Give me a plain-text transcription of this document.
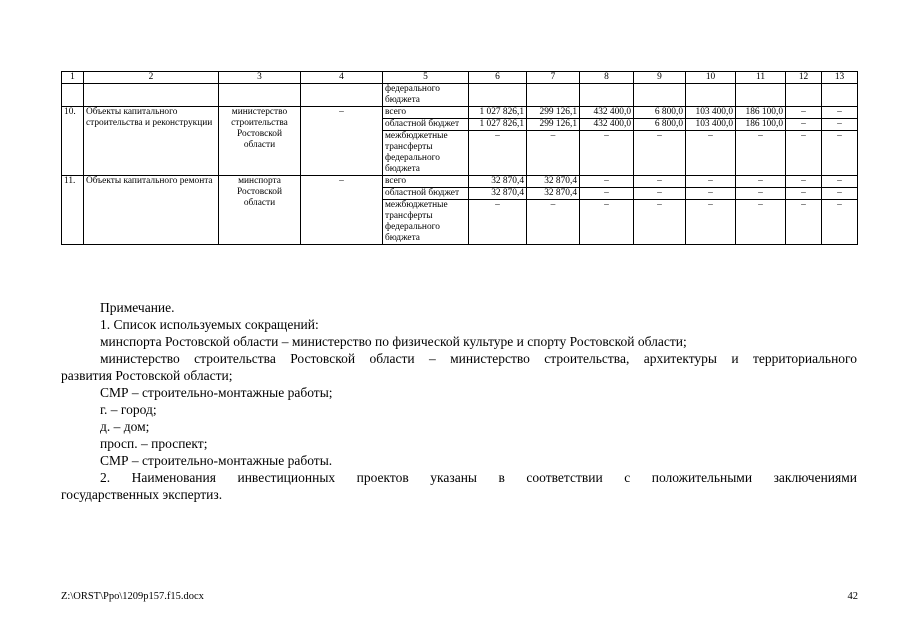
1	2	3	4	5	6	7	8	9	10	11	12	13
				федерального бюджета								
10.	Объекты капитального строительства и реконструкции	министерство строительства Ростовской области	–	всего	1 027 826,1	299 126,1	432 400,0	6 800,0	103 400,0	186 100,0	–	–
				областной бюджет	1 027 826,1	299 126,1	432 400,0	6 800,0	103 400,0	186 100,0	–	–
				межбюджетные трансферты федерального бюджета	–	–	–	–	–	–	–	–
11.	Объекты капитального ремонта	минспорта Ростовской области	–	всего	32 870,4	32 870,4	–	–	–	–	–	–
				областной бюджет	32 870,4	32 870,4	–	–	–	–	–	–
				межбюджетные трансферты федерального бюджета	–	–	–	–	–	–	–	–

Примечание.

1. Список используемых сокращений:

минспорта Ростовской области – министерство по физической культуре и спорту Ростовской области;

министерство строительства Ростовской области – министерство строительства, архитектуры и территориального

развития Ростовской области;

СМР – строительно-монтажные работы;

г. – город;

д. – дом;

просп. – проспект;

СМР – строительно-монтажные работы.

2. Наименования инвестиционных проектов указаны в соответствии с положительными заключениями

государственных экспертиз.

Z:\ORST\Ppo\1209p157.f15.docx	42
